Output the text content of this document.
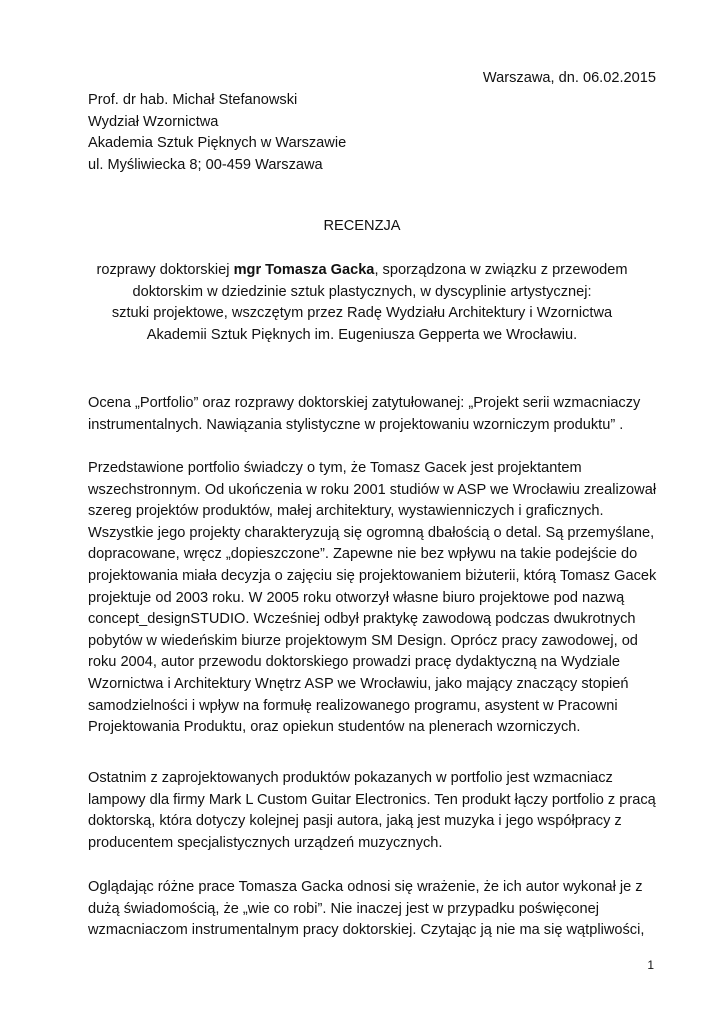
Warszawa, dn. 06.02.2015
Prof. dr hab. Michał Stefanowski
Wydział Wzornictwa
Akademia Sztuk Pięknych w Warszawie
ul. Myśliwiecka 8; 00-459 Warszawa
RECENZJA
rozprawy doktorskiej mgr Tomasza Gacka, sporządzona w związku z przewodem
doktorskim w dziedzinie sztuk plastycznych, w dyscyplinie artystycznej:
sztuki projektowe, wszczętym przez Radę Wydziału Architektury i Wzornictwa
Akademii Sztuk Pięknych im. Eugeniusza Gepperta we Wrocławiu.
Ocena „Portfolio” oraz rozprawy doktorskiej zatytułowanej: „Projekt serii wzmacniaczy
instrumentalnych. Nawiązania stylistyczne w projektowaniu wzorniczym produktu” .
Przedstawione portfolio świadczy o tym, że Tomasz Gacek jest projektantem
wszechstronnym. Od ukończenia w roku 2001 studiów w ASP we Wrocławiu zrealizował
szereg projektów produktów, małej architektury, wystawienniczych i graficznych.
Wszystkie jego projekty charakteryzują się ogromną dbałością o detal. Są przemyślane,
dopracowane, wręcz „dopieszczone”. Zapewne nie bez wpływu na takie podejście do
projektowania miała decyzja o zajęciu się projektowaniem biżuterii, którą Tomasz Gacek
projektuje od 2003 roku. W 2005 roku otworzył własne biuro projektowe pod nazwą
concept_designSTUDIO. Wcześniej odbył praktykę zawodową podczas dwukrotnych
pobytów w wiedeńskim biurze projektowym SM Design. Oprócz pracy zawodowej, od
roku 2004, autor przewodu doktorskiego prowadzi pracę dydaktyczną na Wydziale
Wzornictwa i Architektury Wnętrz ASP we Wrocławiu, jako mający znaczący stopień
samodzielności i wpływ na formułę realizowanego programu, asystent w Pracowni
Projektowania Produktu, oraz opiekun studentów na plenerach wzorniczych.
Ostatnim z zaprojektowanych produktów pokazanych w portfolio jest wzmacniacz
lampowy dla firmy Mark L Custom Guitar Electronics. Ten produkt łączy portfolio z pracą
doktorską, która dotyczy kolejnej pasji autora, jaką jest muzyka i jego współpracy z
producentem specjalistycznych urządzeń muzycznych.
Oglądając różne prace Tomasza Gacka odnosi się wrażenie, że ich autor wykonał je z
dużą świadomością, że „wie co robi”. Nie inaczej jest w przypadku poświęconej
wzmacniaczom instrumentalnym pracy doktorskiej. Czytając ją nie ma się wątpliwości,
1
